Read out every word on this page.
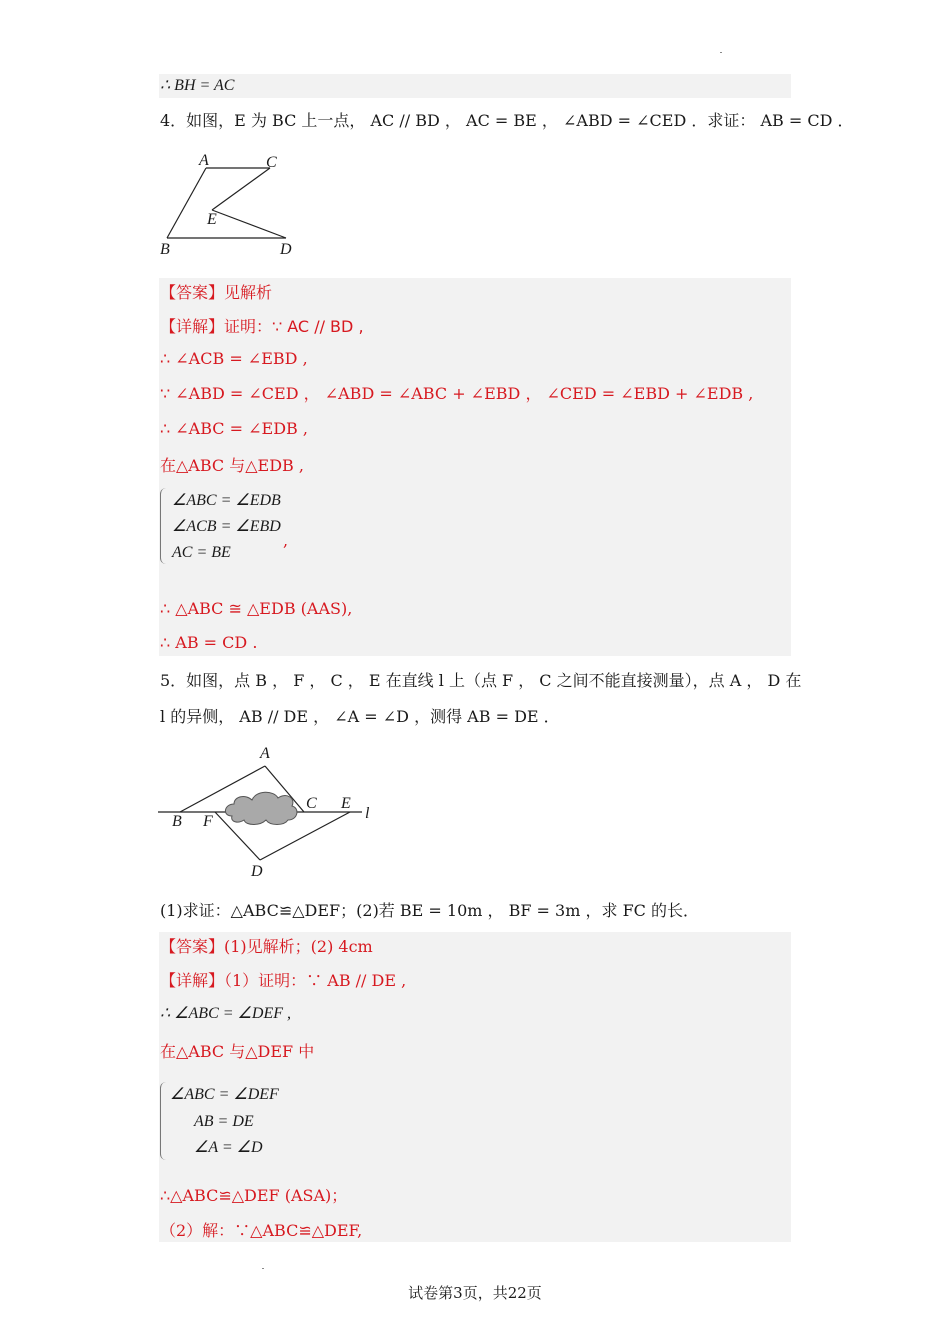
∴ BH = AC
4．如图，E 为 BC 上一点， AC // BD ， AC = BE ， ∠ABD = ∠CED ．求证： AB = CD ．
A	C
E
B	D
【答案】见解析
【详解】证明：∵ AC // BD ,
∴ ∠ACB = ∠EBD ,
∵ ∠ABD = ∠CED ， ∠ABD = ∠ABC + ∠EBD ， ∠CED = ∠EBD + ∠EDB ,
∴ ∠ABC = ∠EDB ,
在△ABC 与△EDB ,
∠ABC = ∠EDB
∠ACB = ∠EBD
AC = BE
,
∴ △ABC ≅ △EDB (AAS),
∴ AB = CD .
5．如图，点 B ， F ， C ， E 在直线 l 上（点 F ， C 之间不能直接测量），点 A ， D 在
l 的异侧， AB // DE ， ∠A = ∠D ，测得 AB = DE ．
A
B F
C E
l
D
(1)求证：△ABC≌△DEF；(2)若 BE = 10m ， BF = 3m ，求 FC 的长．
【答案】(1)见解析；(2) 4cm
【详解】（1）证明：∵ AB // DE ,
∴ ∠ABC = ∠DEF ,
在△ABC 与△DEF 中
∠ABC = ∠DEF
AB = DE
∠A = ∠D
∴△ABC≌△DEF (ASA)；
（2）解：∵△ABC≌△DEF,
试卷第3页，共22页
